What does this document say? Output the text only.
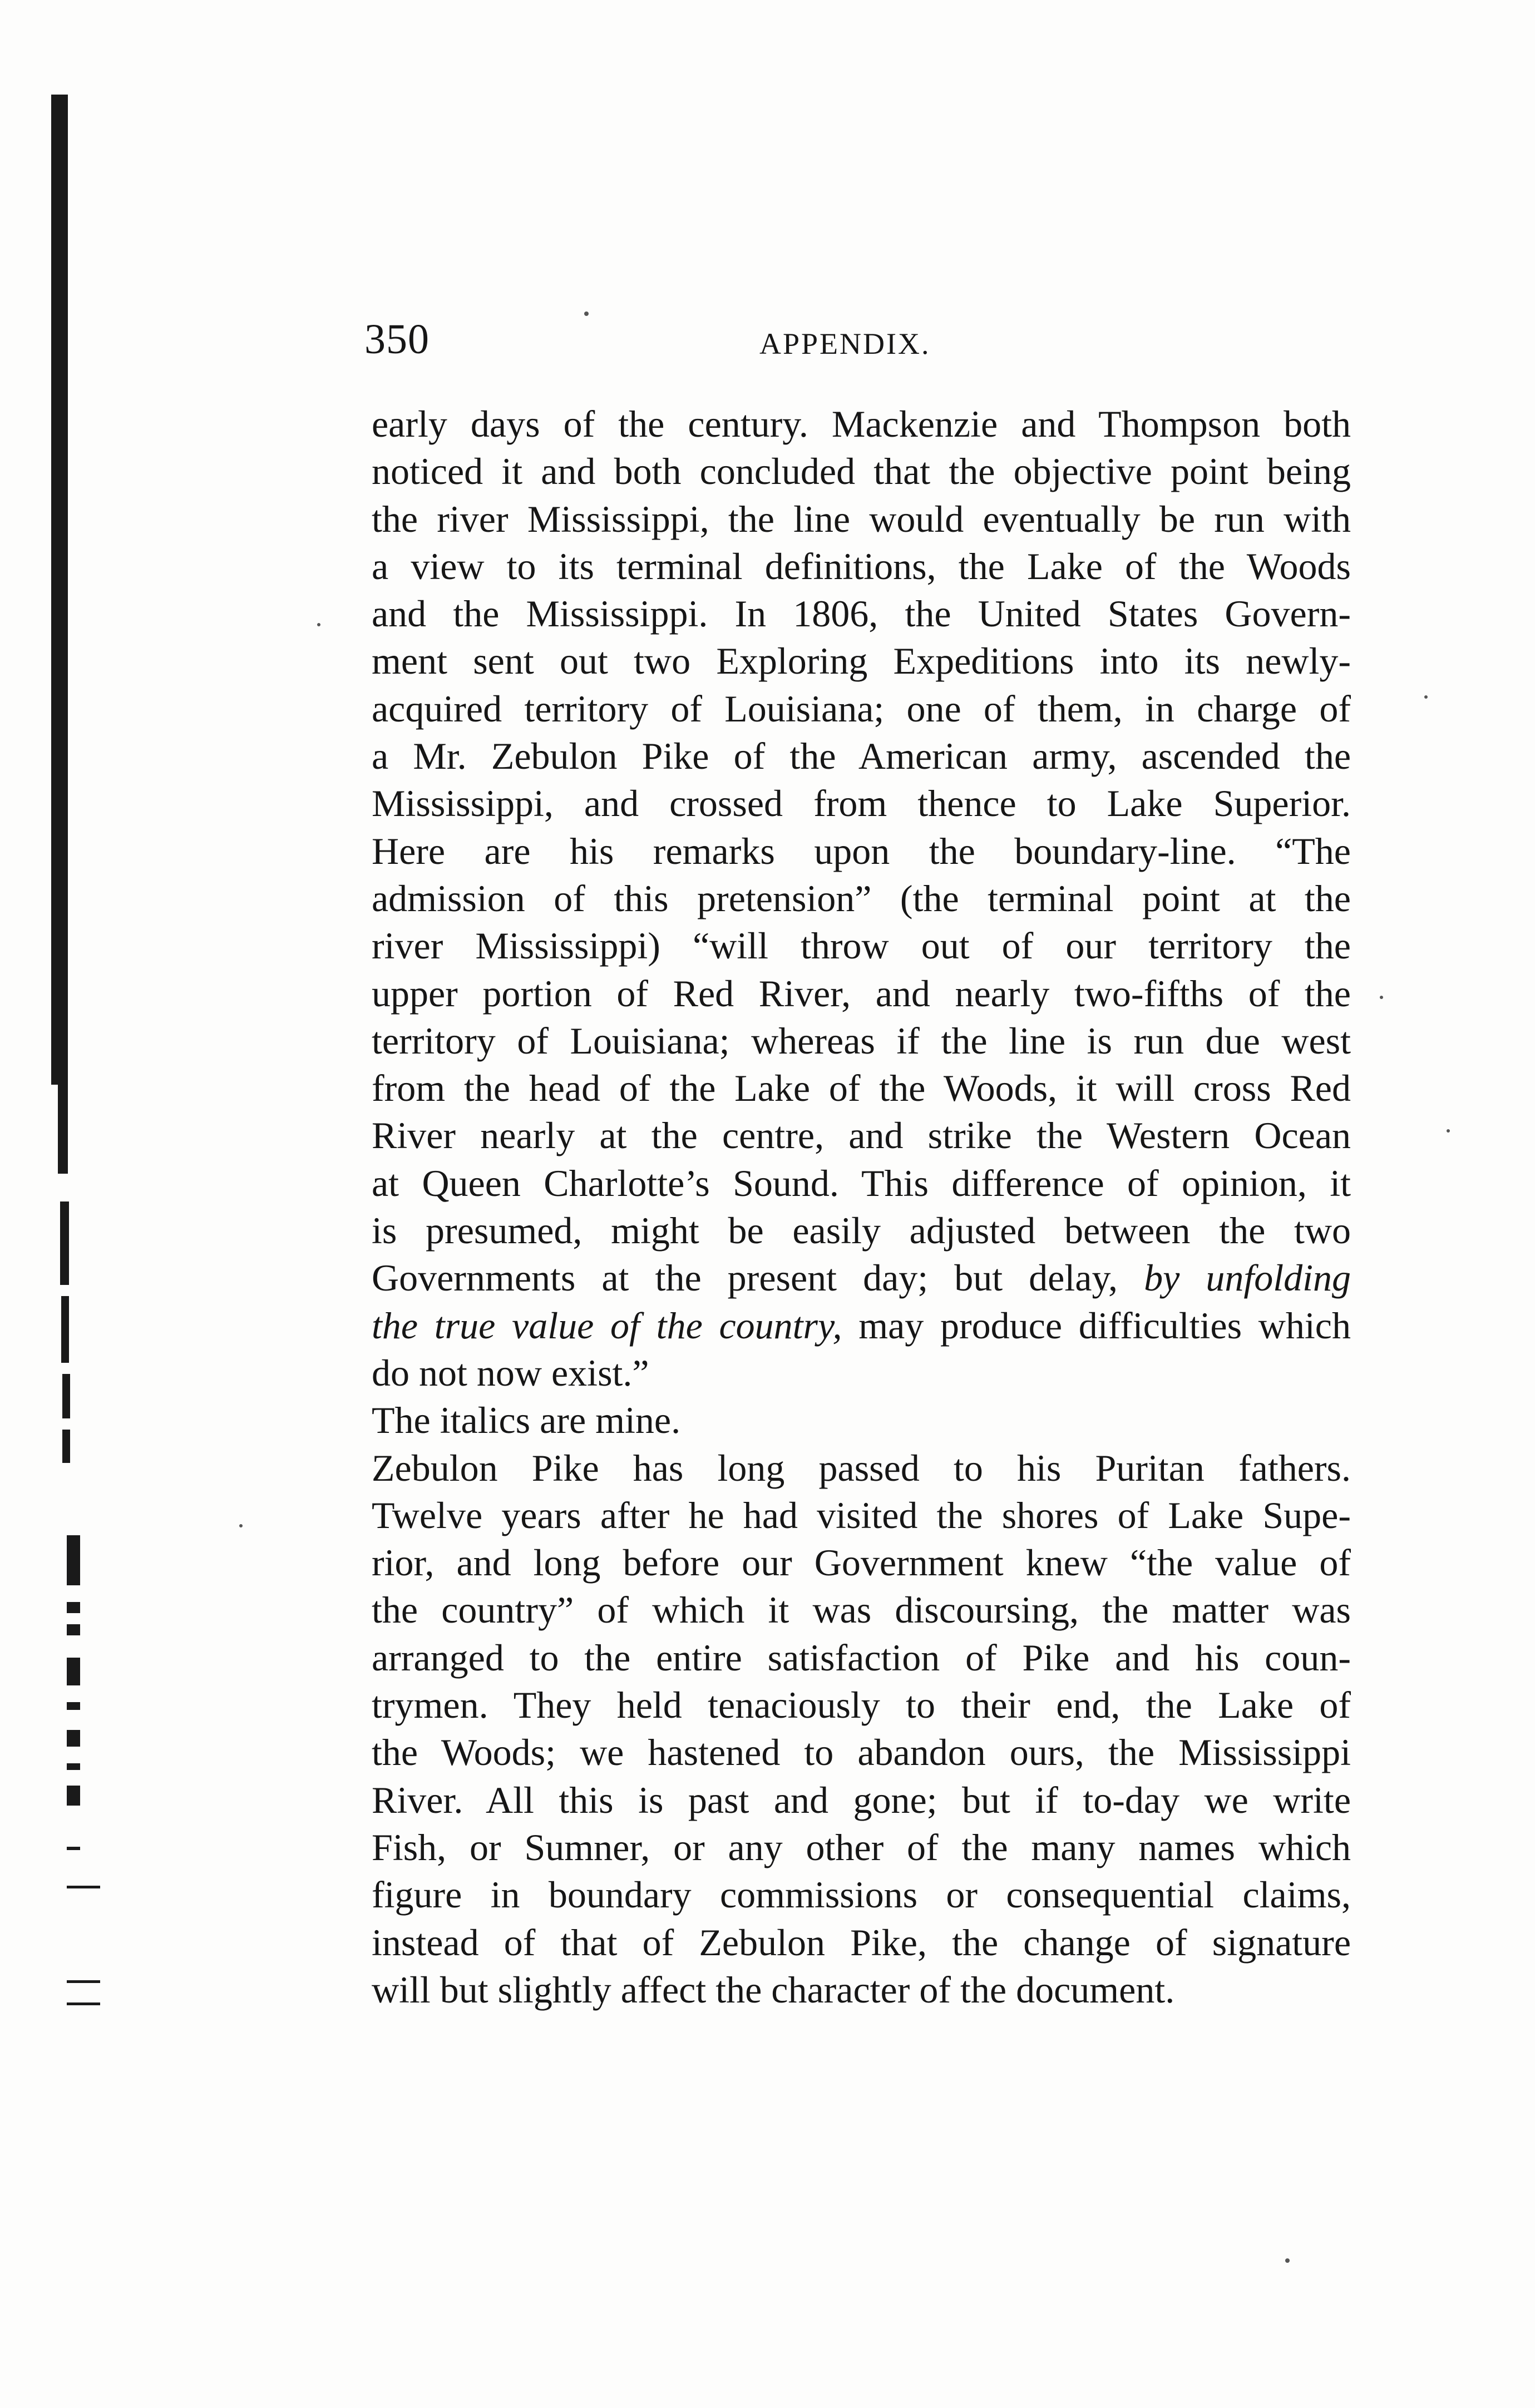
350	APPENDIX.
early days of the century. Mackenzie and Thompson both
noticed it and both concluded that the objective point being
the river Mississippi, the line would eventually be run with
a view to its terminal definitions, the Lake of the Woods
and the Mississippi. In 1806, the United States Govern-
ment sent out two Exploring Expeditions into its newly-
acquired territory of Louisiana; one of them, in charge of
a Mr. Zebulon Pike of the American army, ascended the
Mississippi, and crossed from thence to Lake Superior.
Here are his remarks upon the boundary-line. “The
admission of this pretension” (the terminal point at the
river Mississippi) “will throw out of our territory the
upper portion of Red River, and nearly two-fifths of the
territory of Louisiana; whereas if the line is run due west
from the head of the Lake of the Woods, it will cross Red
River nearly at the centre, and strike the Western Ocean
at Queen Charlotte’s Sound. This difference of opinion, it
is presumed, might be easily adjusted between the two
Governments at the present day; but delay, by unfolding
the true value of the country, may produce difficulties which
do not now exist.”
The italics are mine.
Zebulon Pike has long passed to his Puritan fathers.
Twelve years after he had visited the shores of Lake Supe-
rior, and long before our Government knew “the value of
the country” of which it was discoursing, the matter was
arranged to the entire satisfaction of Pike and his coun-
trymen. They held tenaciously to their end, the Lake of
the Woods; we hastened to abandon ours, the Mississippi
River. All this is past and gone; but if to-day we write
Fish, or Sumner, or any other of the many names which
figure in boundary commissions or consequential claims,
instead of that of Zebulon Pike, the change of signature
will but slightly affect the character of the document.
